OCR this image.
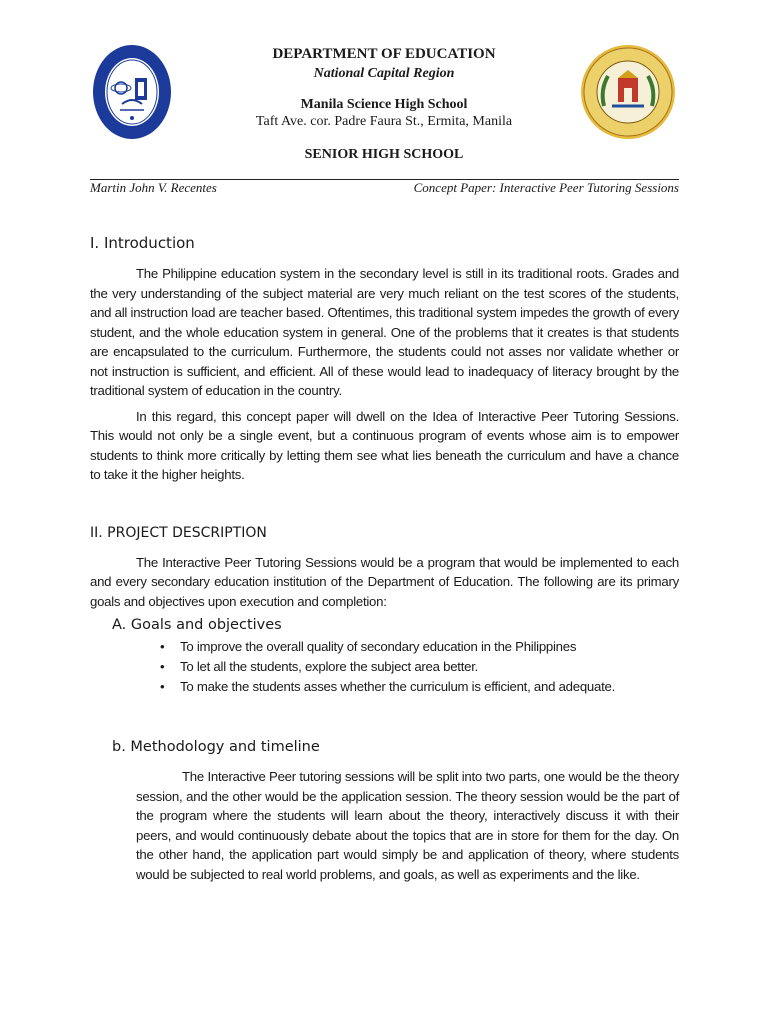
DEPARTMENT OF EDUCATION
National Capital Region
Manila Science High School
Taft Ave. cor. Padre Faura St., Ermita, Manila
SENIOR HIGH SCHOOL
Martin John V. Recentes	Concept Paper: Interactive Peer Tutoring Sessions
I. Introduction

The Philippine education system in the secondary level is still in its traditional roots. Grades and the very understanding of the subject material are very much reliant on the test scores of the students, and all instruction load are teacher based. Oftentimes, this traditional system impedes the growth of every student, and the whole education system in general. One of the problems that it creates is that students are encapsulated to the curriculum. Furthermore, the students could not asses nor validate whether or not instruction is sufficient, and efficient. All of these would lead to inadequacy of literacy brought by the traditional system of education in the country.

In this regard, this concept paper will dwell on the Idea of Interactive Peer Tutoring Sessions. This would not only be a single event, but a continuous program of events whose aim is to empower students to think more critically by letting them see what lies beneath the curriculum and have a chance to take it the higher heights.

II. PROJECT DESCRIPTION

The Interactive Peer Tutoring Sessions would be a program that would be implemented to each and every secondary education institution of the Department of Education. The following are its primary goals and objectives upon execution and completion:

A. Goals and objectives
• To improve the overall quality of secondary education in the Philippines
• To let all the students, explore the subject area better.
• To make the students asses whether the curriculum is efficient, and adequate.
b. Methodology and timeline

The Interactive Peer tutoring sessions will be split into two parts, one would be the theory session, and the other would be the application session. The theory session would be the part of the program where the students will learn about the theory, interactively discuss it with their peers, and would continuously debate about the topics that are in store for them for the day. On the other hand, the application part would simply be and application of theory, where students would be subjected to real world problems, and goals, as well as experiments and the like.
